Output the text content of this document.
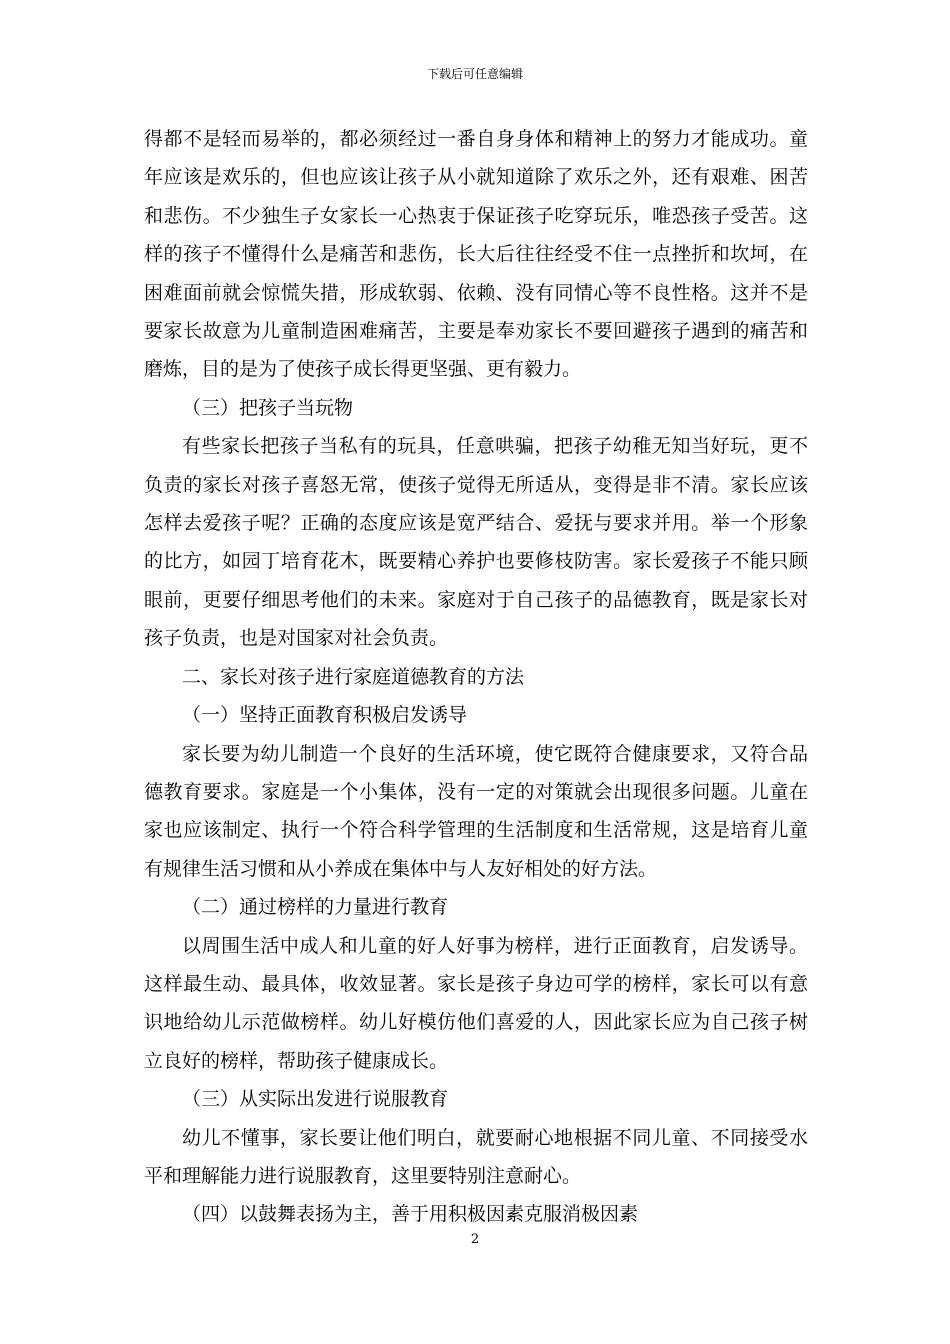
下载后可任意编辑

得都不是轻而易举的，都必须经过一番自身身体和精神上的努力才能成功。童年应该是欢乐的，但也应该让孩子从小就知道除了欢乐之外，还有艰难、困苦和悲伤。不少独生子女家长一心热衷于保证孩子吃穿玩乐，唯恐孩子受苦。这样的孩子不懂得什么是痛苦和悲伤，长大后往往经受不住一点挫折和坎坷，在困难面前就会惊慌失措，形成软弱、依赖、没有同情心等不良性格。这并不是要家长故意为儿童制造困难痛苦，主要是奉劝家长不要回避孩子遇到的痛苦和磨炼，目的是为了使孩子成长得更坚强、更有毅力。

（三）把孩子当玩物

有些家长把孩子当私有的玩具，任意哄骗，把孩子幼稚无知当好玩，更不负责的家长对孩子喜怒无常，使孩子觉得无所适从，变得是非不清。家长应该怎样去爱孩子呢？正确的态度应该是宽严结合、爱抚与要求并用。举一个形象的比方，如园丁培育花木，既要精心养护也要修枝防害。家长爱孩子不能只顾眼前，更要仔细思考他们的未来。家庭对于自己孩子的品德教育，既是家长对孩子负责，也是对国家对社会负责。

二、家长对孩子进行家庭道德教育的方法

（一）坚持正面教育积极启发诱导

家长要为幼儿制造一个良好的生活环境，使它既符合健康要求，又符合品德教育要求。家庭是一个小集体，没有一定的对策就会出现很多问题。儿童在家也应该制定、执行一个符合科学管理的生活制度和生活常规，这是培育儿童有规律生活习惯和从小养成在集体中与人友好相处的好方法。

（二）通过榜样的力量进行教育

以周围生活中成人和儿童的好人好事为榜样，进行正面教育，启发诱导。这样最生动、最具体，收效显著。家长是孩子身边可学的榜样，家长可以有意识地给幼儿示范做榜样。幼儿好模仿他们喜爱的人，因此家长应为自己孩子树立良好的榜样，帮助孩子健康成长。

（三）从实际出发进行说服教育

幼儿不懂事，家长要让他们明白，就要耐心地根据不同儿童、不同接受水平和理解能力进行说服教育，这里要特别注意耐心。

（四）以鼓舞表扬为主，善于用积极因素克服消极因素

2
